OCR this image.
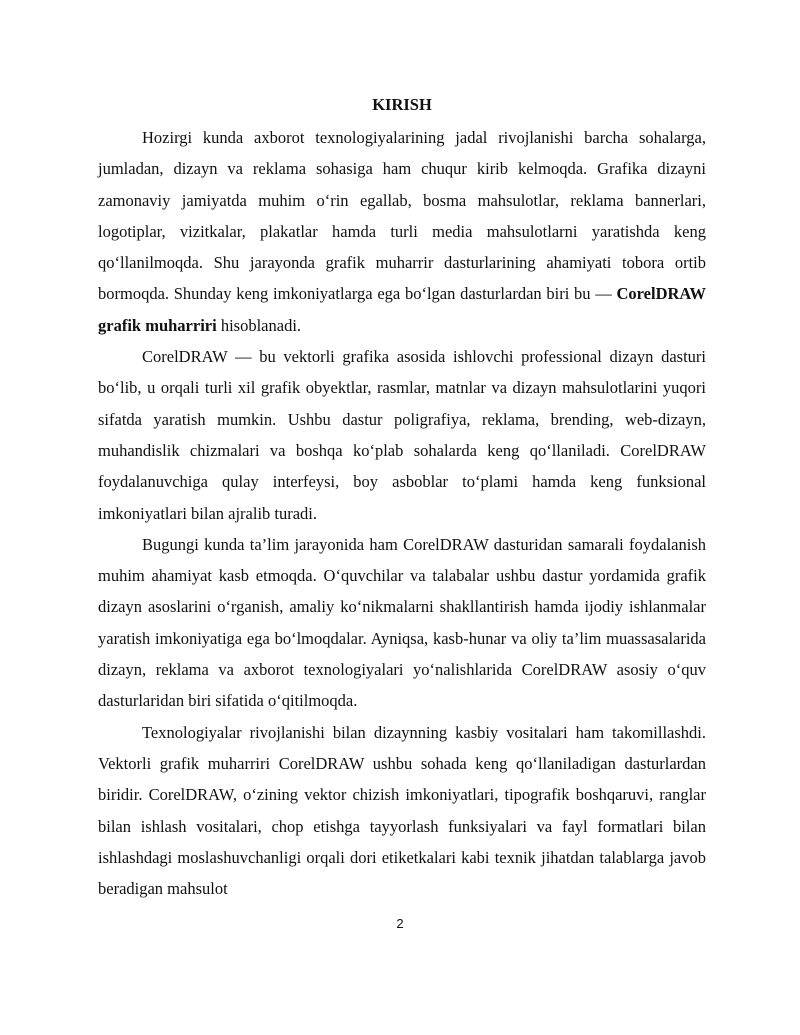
KIRISH

Hozirgi kunda axborot texnologiyalarining jadal rivojlanishi barcha sohalarga, jumladan, dizayn va reklama sohasiga ham chuqur kirib kelmoqda. Grafika dizayni zamonaviy jamiyatda muhim o‘rin egallab, bosma mahsulotlar, reklama bannerlari, logotiplar, vizitkalar, plakatlar hamda turli media mahsulotlarni yaratishda keng qo‘llanilmoqda. Shu jarayonda grafik muharrir dasturlarining ahamiyati tobora ortib bormoqda. Shunday keng imkoniyatlarga ega bo‘lgan dasturlardan biri bu — CorelDRAW grafik muharriri hisoblanadi.

CorelDRAW — bu vektorli grafika asosida ishlovchi professional dizayn dasturi bo‘lib, u orqali turli xil grafik obyektlar, rasmlar, matnlar va dizayn mahsulotlarini yuqori sifatda yaratish mumkin. Ushbu dastur poligrafiya, reklama, brending, web-dizayn, muhandislik chizmalari va boshqa ko‘plab sohalarda keng qo‘llaniladi. CorelDRAW foydalanuvchiga qulay interfeysi, boy asboblar to‘plami hamda keng funksional imkoniyatlari bilan ajralib turadi.

Bugungi kunda ta’lim jarayonida ham CorelDRAW dasturidan samarali foydalanish muhim ahamiyat kasb etmoqda. O‘quvchilar va talabalar ushbu dastur yordamida grafik dizayn asoslarini o‘rganish, amaliy ko‘nikmalarni shakllantirish hamda ijodiy ishlanmalar yaratish imkoniyatiga ega bo‘lmoqdalar. Ayniqsa, kasb-hunar va oliy ta’lim muassasalarida dizayn, reklama va axborot texnologiyalari yo‘nalishlarida CorelDRAW asosiy o‘quv dasturlaridan biri sifatida o‘qitilmoqda.

Texnologiyalar rivojlanishi bilan dizaynning kasbiy vositalari ham takomillashdi. Vektorli grafik muharriri CorelDRAW ushbu sohada keng qo‘llaniladigan dasturlardan biridir. CorelDRAW, o‘zining vektor chizish imkoniyatlari, tipografik boshqaruvi, ranglar bilan ishlash vositalari, chop etishga tayyorlash funksiyalari va fayl formatlari bilan ishlashdagi moslashuvchanligi orqali dori etiketkalari kabi texnik jihatdan talablarga javob beradigan mahsulot

2
